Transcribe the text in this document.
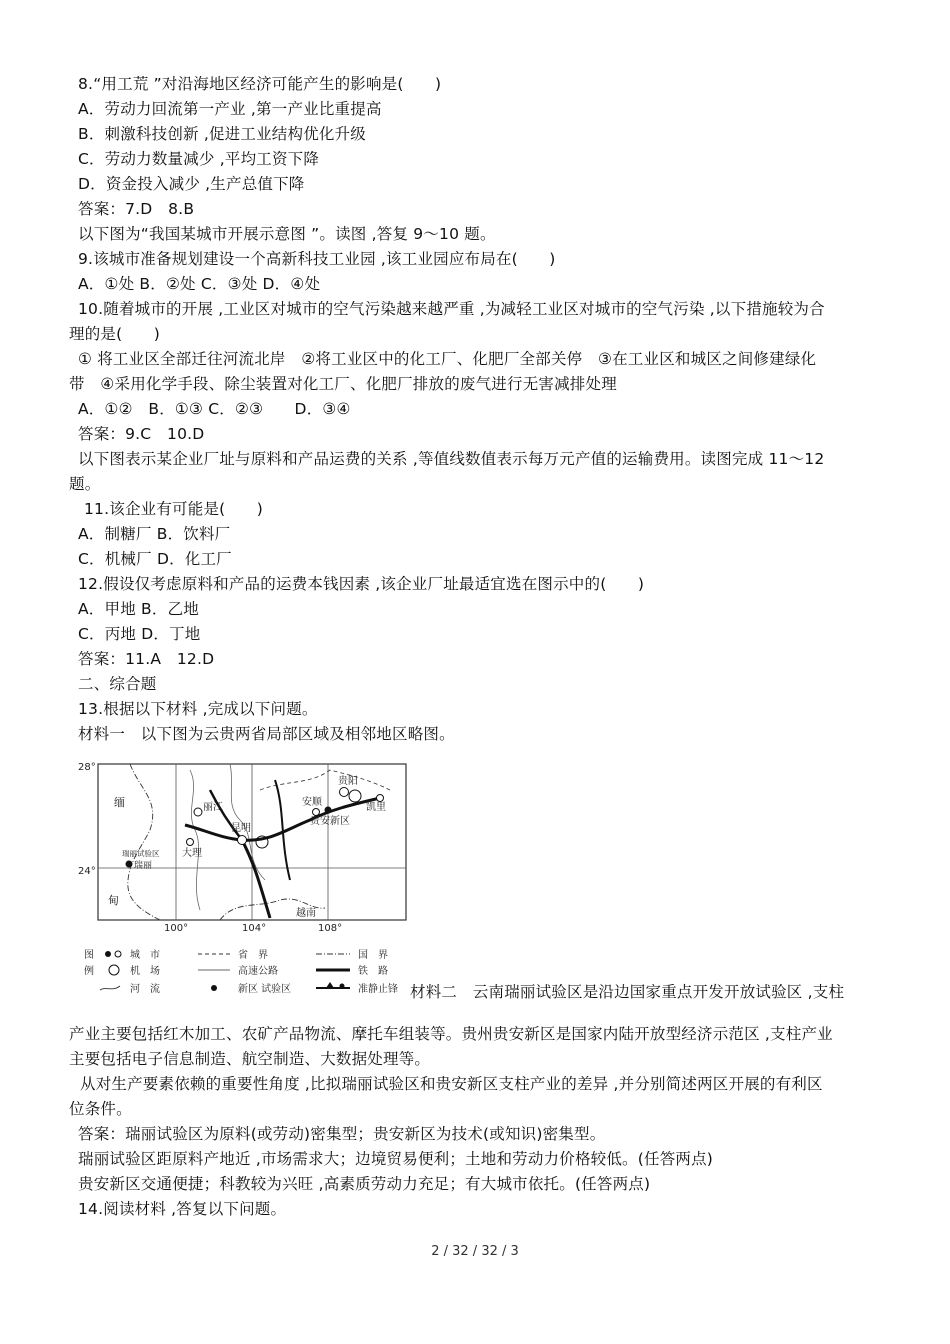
8.“用工荒 ”对沿海地区经济可能产生的影响是(　　)
A．劳动力回流第一产业 ,第一产业比重提高
B．刺激科技创新 ,促进工业结构优化升级
C．劳动力数量减少 ,平均工资下降
D．资金投入减少 ,生产总值下降
答案：7.D　8.B
以下图为“我国某城市开展示意图 ”。读图 ,答复 9～10 题。
9.该城市准备规划建设一个高新科技工业园 ,该工业园应布局在(　　)
A．①处 B．②处 C．③处 D．④处
10.随着城市的开展 ,工业区对城市的空气污染越来越严重 ,为减轻工业区对城市的空气污染 ,以下措施较为合
理的是(　　)
① 将工业区全部迁往河流北岸　②将工业区中的化工厂、化肥厂全部关停　③在工业区和城区之间修建绿化
带　④采用化学手段、除尘装置对化工厂、化肥厂排放的废气进行无害减排处理
A．①②　B．①③ C．②③　　D．③④
答案：9.C　10.D
以下图表示某企业厂址与原料和产品运费的关系 ,等值线数值表示每万元产值的运输费用。读图完成 11～12
题。
11.该企业有可能是(　　)
A．制糖厂 B．饮料厂
C．机械厂 D．化工厂
12.假设仅考虑原料和产品的运费本钱因素 ,该企业厂址最适宜选在图示中的(　　)
A．甲地 B．乙地
C．丙地 D．丁地
答案：11.A　12.D
二、综合题
13.根据以下材料 ,完成以下问题。
材料一　以下图为云贵两省局部区域及相邻地区略图。
28°
24°
100°	104°	108°
缅
甸
越南
丽江
大理
昆明
安顺
贵阳
凯里
贵安新区
瑞丽试验区
瑞丽
图
例
城　市
机　场
河　流
省　界
高速公路
新区 试验区
国　界
铁　路
准静止锋 材料二　云南瑞丽试验区是沿边国家重点开发开放试验区 ,支柱
产业主要包括红木加工、农矿产品物流、摩托车组装等。贵州贵安新区是国家内陆开放型经济示范区 ,支柱产业
主要包括电子信息制造、航空制造、大数据处理等。
从对生产要素依赖的重要性角度 ,比拟瑞丽试验区和贵安新区支柱产业的差异 ,并分别简述两区开展的有利区
位条件。
答案：瑞丽试验区为原料(或劳动)密集型；贵安新区为技术(或知识)密集型。
瑞丽试验区距原料产地近 ,市场需求大；边境贸易便利；土地和劳动力价格较低。(任答两点)
贵安新区交通便捷；科教较为兴旺 ,高素质劳动力充足；有大城市依托。(任答两点)
14.阅读材料 ,答复以下问题。
2 / 32 / 32 / 3
